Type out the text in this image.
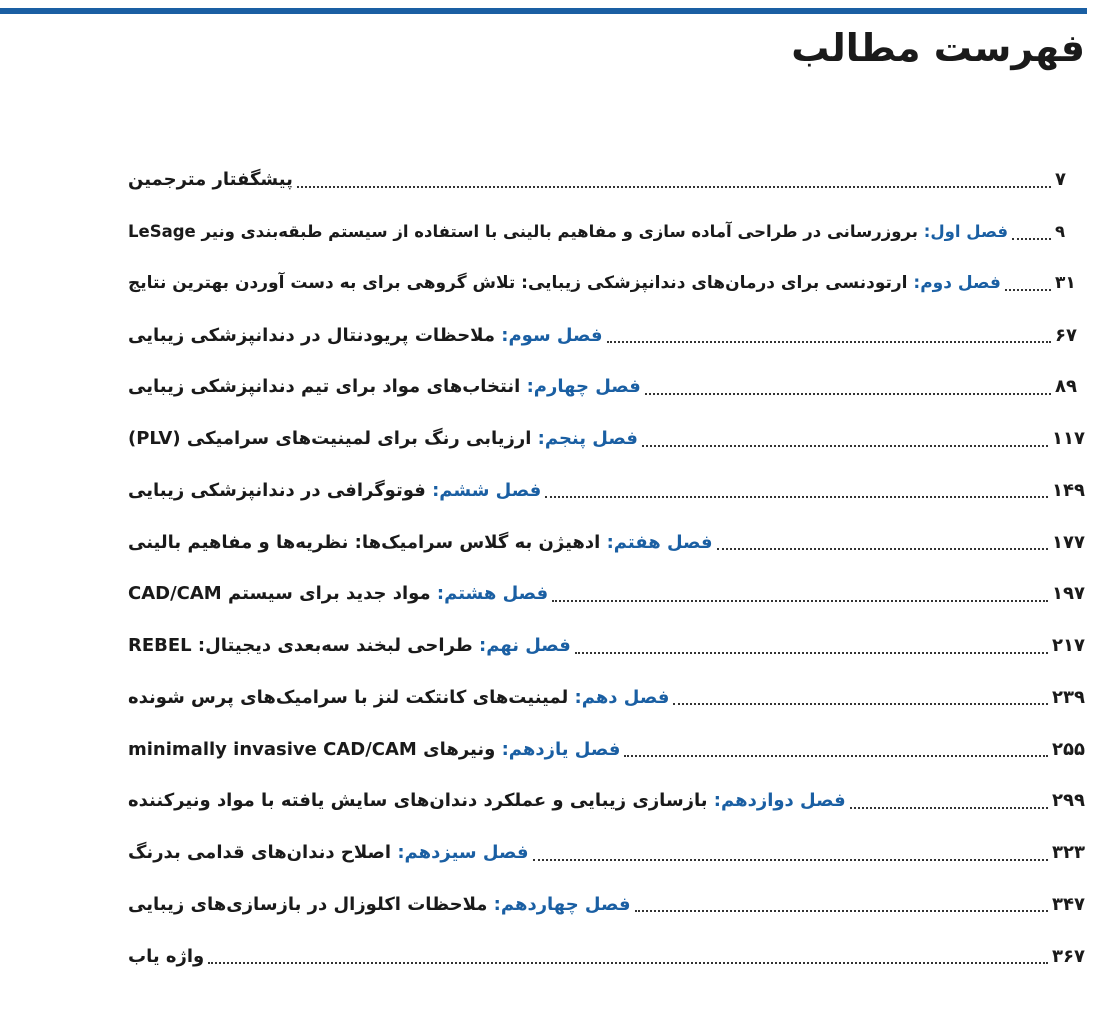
فهرست مطالب
پیشگفتار مترجمین	۷
فصل اول: بروزرسانی در طراحی آماده سازی و مفاهیم بالینی با استفاده از سیستم طبقه‌بندی ونیر LeSage	۹
فصل دوم: ارتودنسی برای درمان‌های دندانپزشکی زیبایی: تلاش گروهی برای به دست آوردن بهترین نتایج	۳۱
فصل سوم: ملاحظات پریودنتال در دندانپزشکی زیبایی	۶۷
فصل چهارم: انتخاب‌های مواد برای تیم دندانپزشکی زیبایی	۸۹
فصل پنجم: ارزیابی رنگ برای لمینیت‌های سرامیکی (PLV)	۱۱۷
فصل ششم: فوتوگرافی در دندانپزشکی زیبایی	۱۴۹
فصل هفتم: ادهیژن به گلاس سرامیک‌ها: نظریه‌ها و مفاهیم بالینی	۱۷۷
فصل هشتم: مواد جدید برای سیستم CAD/CAM	۱۹۷
فصل نهم: طراحی لبخند سه‌بعدی دیجیتال: REBEL	۲۱۷
فصل دهم: لمینیت‌های کانتکت لنز با سرامیک‌های پرس شونده	۲۳۹
فصل یازدهم: ونیرهای minimally invasive CAD/CAM	۲۵۵
فصل دوازدهم: بازسازی زیبایی و عملکرد دندان‌های سایش یافته با مواد ونیرکننده	۲۹۹
فصل سیزدهم: اصلاح دندان‌های قدامی بدرنگ	۳۲۳
فصل چهاردهم: ملاحظات اکلوزال در بازسازی‌های زیبایی	۳۴۷
واژه یاب	۳۶۷
